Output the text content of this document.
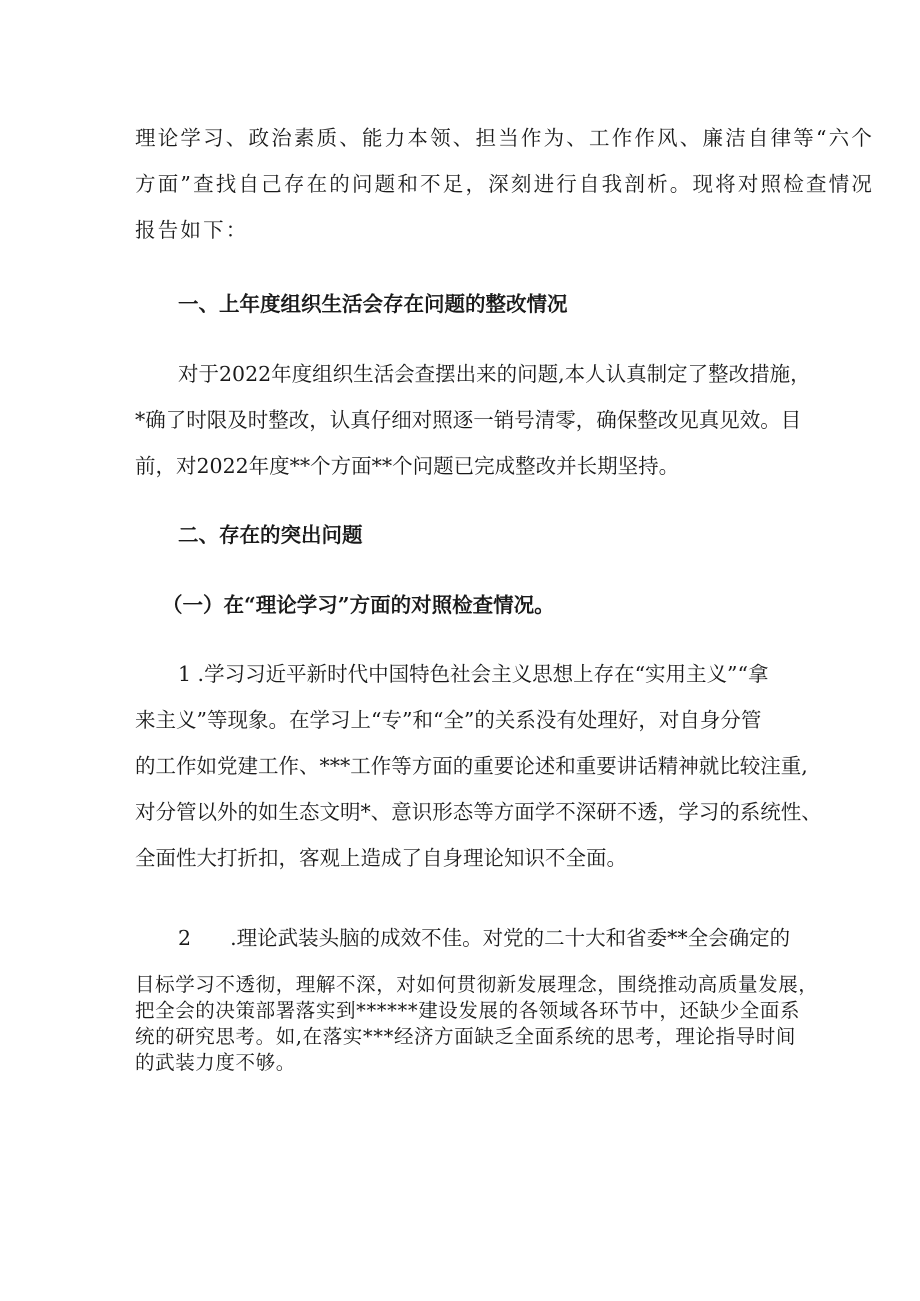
理论学习、政治素质、能力本领、担当作为、工作作风、廉洁自律等“六个
方面”查找自己存在的问题和不足，深刻进行自我剖析。现将对照检查情况
报告如下：
一、上年度组织生活会存在问题的整改情况
对于2022年度组织生活会查摆出来的问题,本人认真制定了整改措施，
*确了时限及时整改，认真仔细对照逐一销号清零，确保整改见真见效。目
前，对2022年度**个方面**个问题已完成整改并长期坚持。
二、存在的突出问题
（一）在“理论学习”方面的对照检查情况。
1 .学习习近平新时代中国特色社会主义思想上存在“实用主义”“拿
来主义”等现象。在学习上“专”和“全”的关系没有处理好，对自身分管
的工作如党建工作、***工作等方面的重要论述和重要讲话精神就比较注重,
对分管以外的如生态文明*、意识形态等方面学不深研不透，学习的系统性、
全面性大打折扣，客观上造成了自身理论知识不全面。
2      .理论武装头脑的成效不佳。对党的二十大和省委**全会确定的
目标学习不透彻，理解不深，对如何贯彻新发展理念，围绕推动高质量发展，
把全会的决策部署落实到******建设发展的各领域各环节中，还缺少全面系
统的研究思考。如,在落实***经济方面缺乏全面系统的思考，理论指导时间
的武装力度不够。
